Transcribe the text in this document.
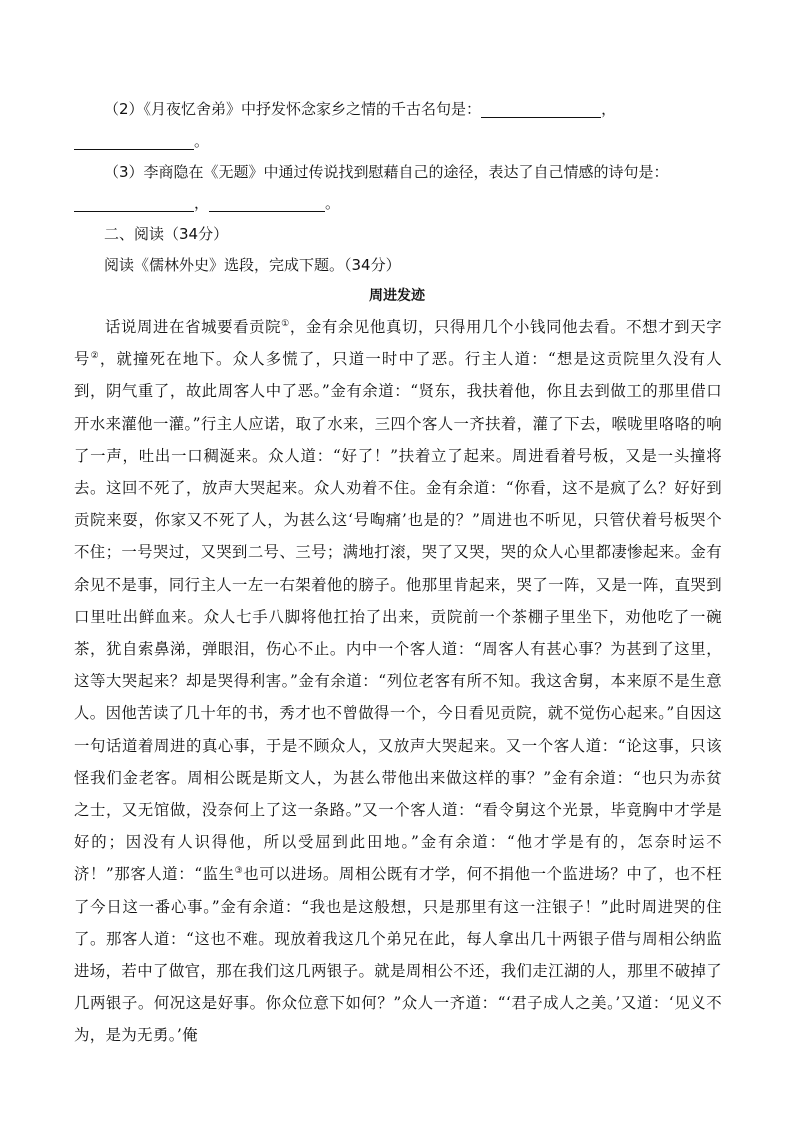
（2）《月夜忆舍弟》中抒发怀念家乡之情的千古名句是：	，
。
（3）李商隐在《无题》中通过传说找到慰藉自己的途径，表达了自己情感的诗句是：
，	。
二、阅读（34分）
阅读《儒林外史》选段，完成下题。（34分）
周进发迹
话说周进在省城要看贡院①，金有余见他真切，只得用几个小钱同他去看。不想才到天字号②，就撞死在地下。众人多慌了，只道一时中了恶。行主人道：“想是这贡院里久没有人到，阴气重了，故此周客人中了恶。”金有余道：“贤东，我扶着他，你且去到做工的那里借口开水来灌他一灌。”行主人应诺，取了水来，三四个客人一齐扶着，灌了下去，喉咙里咯咯的响了一声，吐出一口稠涎来。众人道：“好了！”扶着立了起来。周进看着号板，又是一头撞将去。这回不死了，放声大哭起来。众人劝着不住。金有余道：“你看，这不是疯了么？好好到贡院来耍，你家又不死了人，为甚么这‘号啕痛’也是的？”周进也不听见，只管伏着号板哭个不住；一号哭过，又哭到二号、三号；满地打滚，哭了又哭，哭的众人心里都凄惨起来。金有余见不是事，同行主人一左一右架着他的膀子。他那里肯起来，哭了一阵，又是一阵，直哭到口里吐出鲜血来。众人七手八脚将他扛抬了出来，贡院前一个茶棚子里坐下，劝他吃了一碗茶，犹自索鼻涕，弹眼泪，伤心不止。内中一个客人道：“周客人有甚心事？为甚到了这里，这等大哭起来？却是哭得利害。”金有余道：“列位老客有所不知。我这舍舅，本来原不是生意人。因他苦读了几十年的书，秀才也不曾做得一个，今日看见贡院，就不觉伤心起来。”自因这一句话道着周进的真心事，于是不顾众人，又放声大哭起来。又一个客人道：“论这事，只该怪我们金老客。周相公既是斯文人，为甚么带他出来做这样的事？”金有余道：“也只为赤贫之士，又无馆做，没奈何上了这一条路。”又一个客人道：“看令舅这个光景，毕竟胸中才学是好的；因没有人识得他，所以受屈到此田地。”金有余道：“他才学是有的，怎奈时运不济！”那客人道：“监生③也可以进场。周相公既有才学，何不捐他一个监进场？中了，也不枉了今日这一番心事。”金有余道：“我也是这般想，只是那里有这一注银子！”此时周进哭的住了。那客人道：“这也不难。现放着我这几个弟兄在此，每人拿出几十两银子借与周相公纳监进场，若中了做官，那在我们这几两银子。就是周相公不还，我们走江湖的人，那里不破掉了几两银子。何况这是好事。你众位意下如何？”众人一齐道：“‘君子成人之美。’又道：‘见义不为，是为无勇。’俺
